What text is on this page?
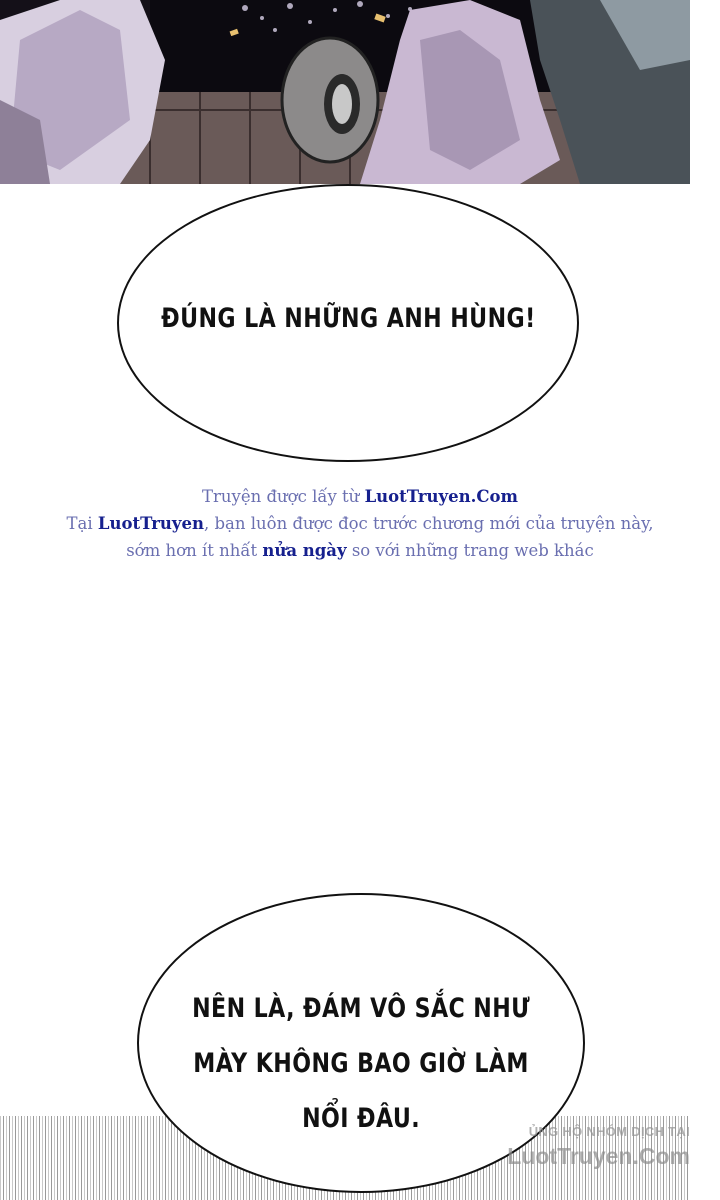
ĐÚNG LÀ NHỮNG ANH HÙNG!
Truyện được lấy từ LuotTruyen.Com
Tại LuotTruyen, bạn luôn được đọc trước chương mới của truyện này,
sớm hơn ít nhất nửa ngày so với những trang web khác
NÊN LÀ, ĐÁM VÔ SẮC NHƯ
MÀY KHÔNG BAO GIỜ LÀM
NỔI ĐÂU.	ỦNG HỘ NHÓM DỊCH TẠI
LuotTruyen.Com
